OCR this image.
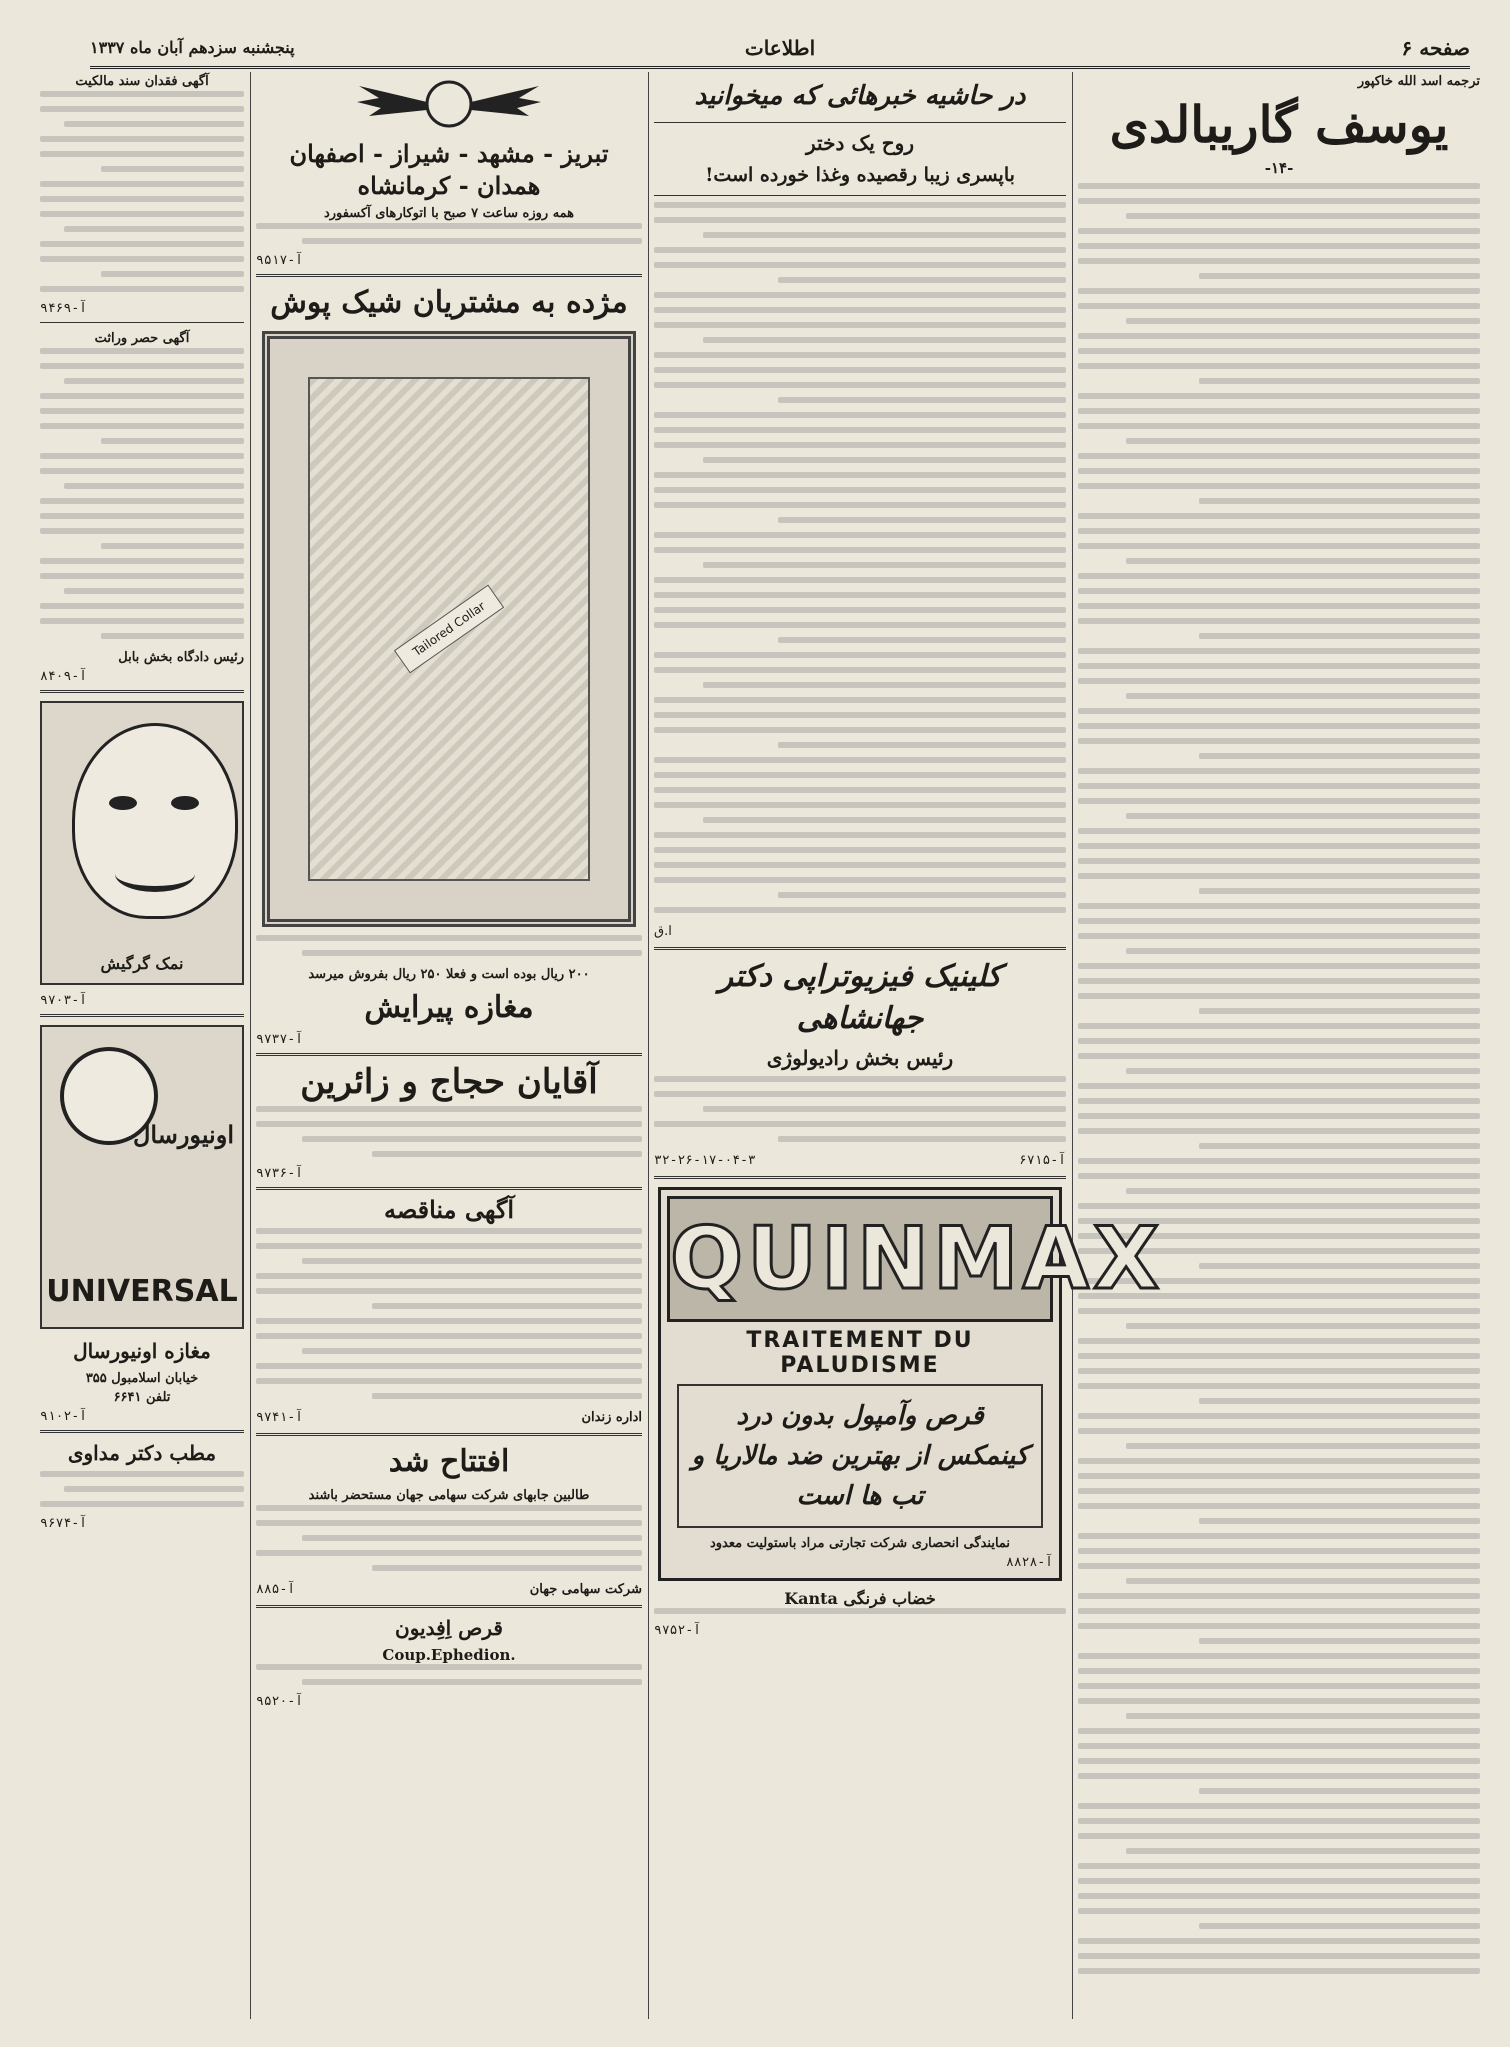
صفحه ۶
اطلاعات
پنجشنبه سزدهم آبان ماه ۱۳۳۷
ترجمه اسد الله خاکپور
یوسف گاریبالدی
-۱۴-
در حاشیه خبرهائی که میخوانید
روح یک دختر
باپسری زیبا رقصیده وغذا خورده است!
ا.ق
کلینیک فیزیوتراپی دکتر جهانشاهی
رئیس بخش رادیولوژی
۳۲-۲۶-۱۷-۰۴-۳	آ-۶۷۱۵
QUINMAX
TRAITEMENT DU PALUDISME
قرص وآمپول بدون درد کینمکس از بهترین ضد مالاریا و تب ها است
نمایندگی انحصاری شرکت تجارتی مراد باستوليت معدود
آ-۸۸۲۸
خضاب فرنگی Kanta
آ-۹۷۵۲
تبریز - مشهد - شیراز - اصفهان
همدان - کرمانشاه
همه روزه ساعت ۷ صبح با اتوکارهای آکسفورد
آ-۹۵۱۷
مژده به مشتریان شیک پوش
Tailored Collar
۲۰۰ ریال بوده است و فعلا ۲۵۰ ریال بفروش میرسد
مغازه پیرایش
آ-۹۷۳۷
آقایان حجاج و زائرین
آ-۹۷۳۶
آگهی مناقصه
اداره زندان
آ-۹۷۴۱
افتتاح شد
طالبین جابهای شرکت سهامی جهان مستحضر باشند
شرکت سهامی جهان
آ-۸۸۵
قرص اِفِدیون
Coup.Ephedion.
آ-۹۵۲۰
آگهی فقدان سند مالکیت
آ-۹۴۶۹
آگهی حصر وراثت
رئیس دادگاه بخش بابل
آ-۸۴۰۹
نمک گرگیش
آ-۹۷۰۳
اونیورسال
UNIVERSAL
مغازه اونیورسال
خیابان اسلامبول ۳۵۵
تلفن ۶۶۴۱
آ-۹۱۰۲
مطب دکتر مداوی
آ-۹۶۷۴
